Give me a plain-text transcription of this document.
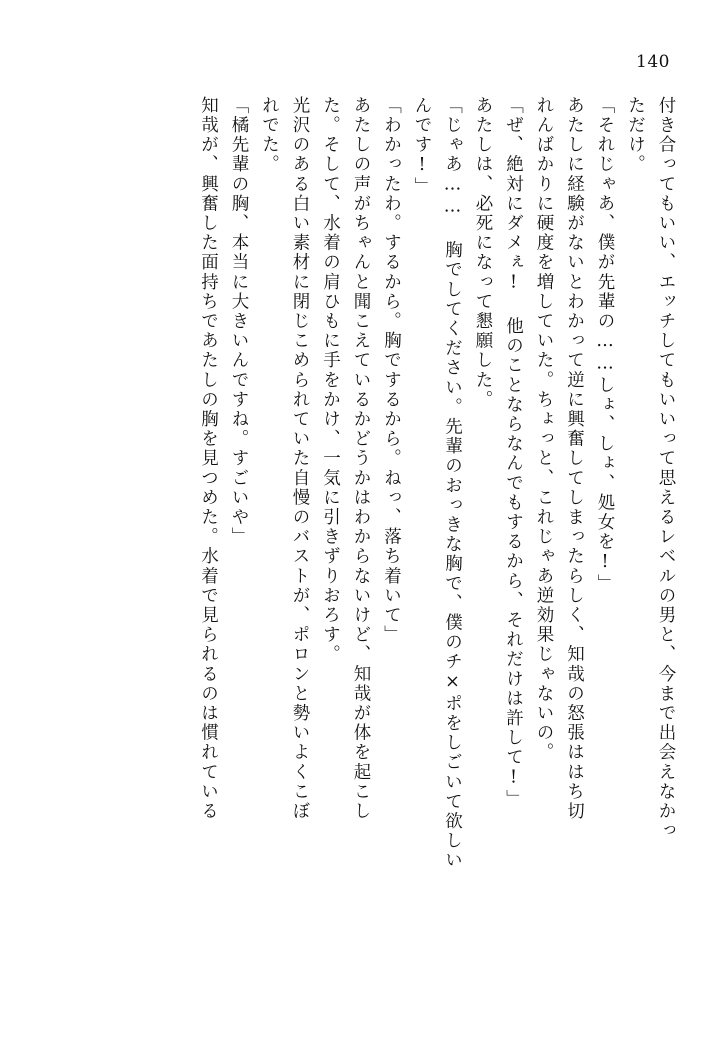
140
付き合ってもいい、エッチしてもいいって思えるレベルの男と、今まで出会えなかっ
ただけ。
「それじゃあ、僕が先輩の……しょ、しょ、処女を!」
あたしに経験がないとわかって逆に興奮してしまったらしく、知哉の怒張ははち切
れんばかりに硬度を増していた。ちょっと、これじゃあ逆効果じゃないの。
「ぜ、絶対にダメぇ! 他のことならなんでもするから、それだけは許して!」
あたしは、必死になって懇願した。
「じゃあ…… 胸でしてください。先輩のおっきな胸で、僕のチ×ポをしごいて欲しい
んです!」
「わかったわ。するから。胸でするから。ねっ、落ち着いて」
あたしの声がちゃんと聞こえているかどうかはわからないけど、知哉が体を起こし
た。そして、水着の肩ひもに手をかけ、一気に引きずりおろす。
光沢のある白い素材に閉じこめられていた自慢のバストが、ポロンと勢いよくこぼ
れでた。
「橘先輩の胸、本当に大きいんですね。すごいや」
知哉が、興奮した面持ちであたしの胸を見つめた。水着で見られるのは慣れている
